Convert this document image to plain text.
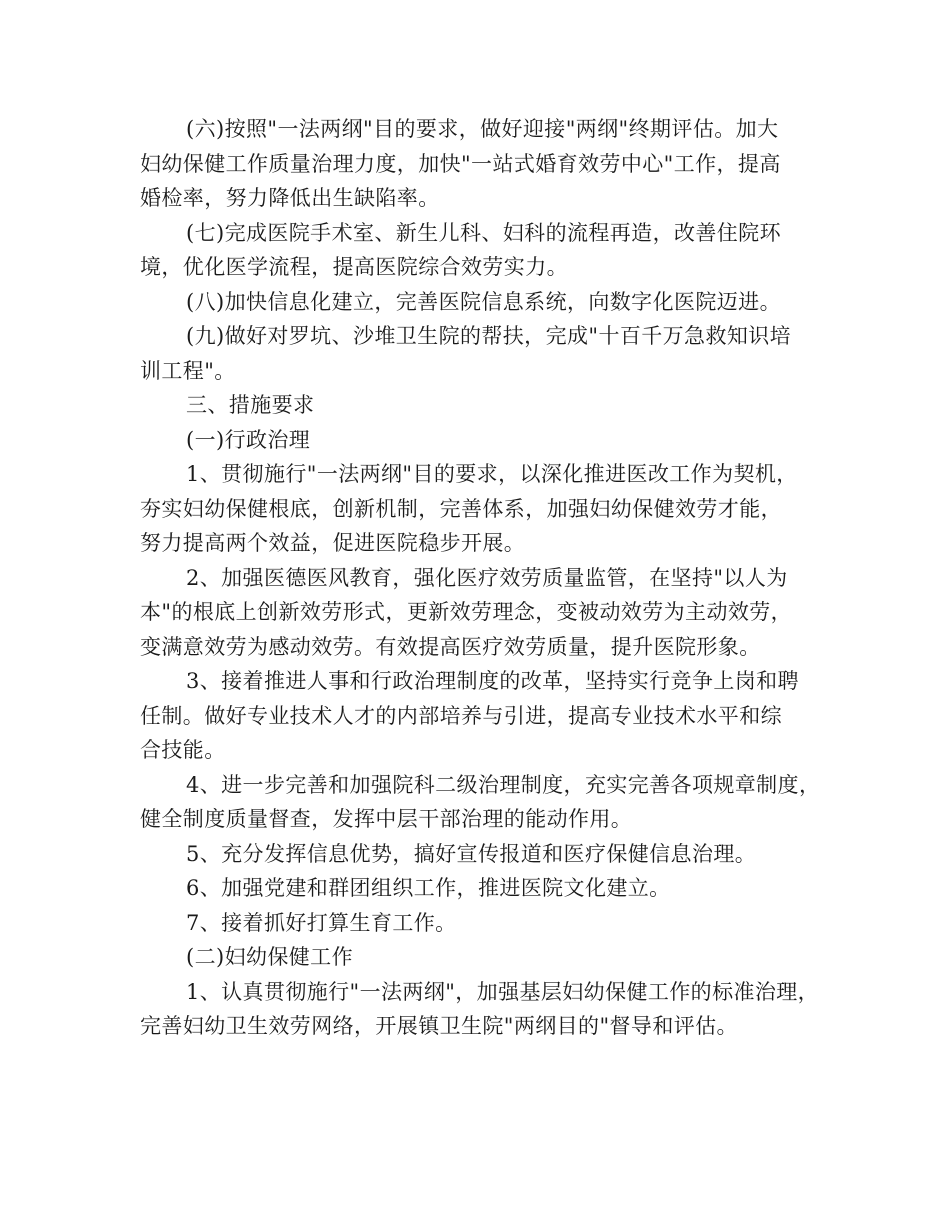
(六)按照"一法两纲"目的要求，做好迎接"两纲"终期评估。加大
妇幼保健工作质量治理力度，加快"一站式婚育效劳中心"工作，提高
婚检率，努力降低出生缺陷率。
(七)完成医院手术室、新生儿科、妇科的流程再造，改善住院环
境，优化医学流程，提高医院综合效劳实力。
(八)加快信息化建立，完善医院信息系统，向数字化医院迈进。
(九)做好对罗坑、沙堆卫生院的帮扶，完成"十百千万急救知识培
训工程"。
三、措施要求
(一)行政治理
1、贯彻施行"一法两纲"目的要求，以深化推进医改工作为契机，
夯实妇幼保健根底，创新机制，完善体系，加强妇幼保健效劳才能，
努力提高两个效益，促进医院稳步开展。
2、加强医德医风教育，强化医疗效劳质量监管，在坚持"以人为
本"的根底上创新效劳形式，更新效劳理念，变被动效劳为主动效劳，
变满意效劳为感动效劳。有效提高医疗效劳质量，提升医院形象。
3、接着推进人事和行政治理制度的改革，坚持实行竞争上岗和聘
任制。做好专业技术人才的内部培养与引进，提高专业技术水平和综
合技能。
4、进一步完善和加强院科二级治理制度，充实完善各项规章制度，
健全制度质量督查，发挥中层干部治理的能动作用。
5、充分发挥信息优势，搞好宣传报道和医疗保健信息治理。
6、加强党建和群团组织工作，推进医院文化建立。
7、接着抓好打算生育工作。
(二)妇幼保健工作
1、认真贯彻施行"一法两纲"，加强基层妇幼保健工作的标准治理，
完善妇幼卫生效劳网络，开展镇卫生院"两纲目的"督导和评估。
